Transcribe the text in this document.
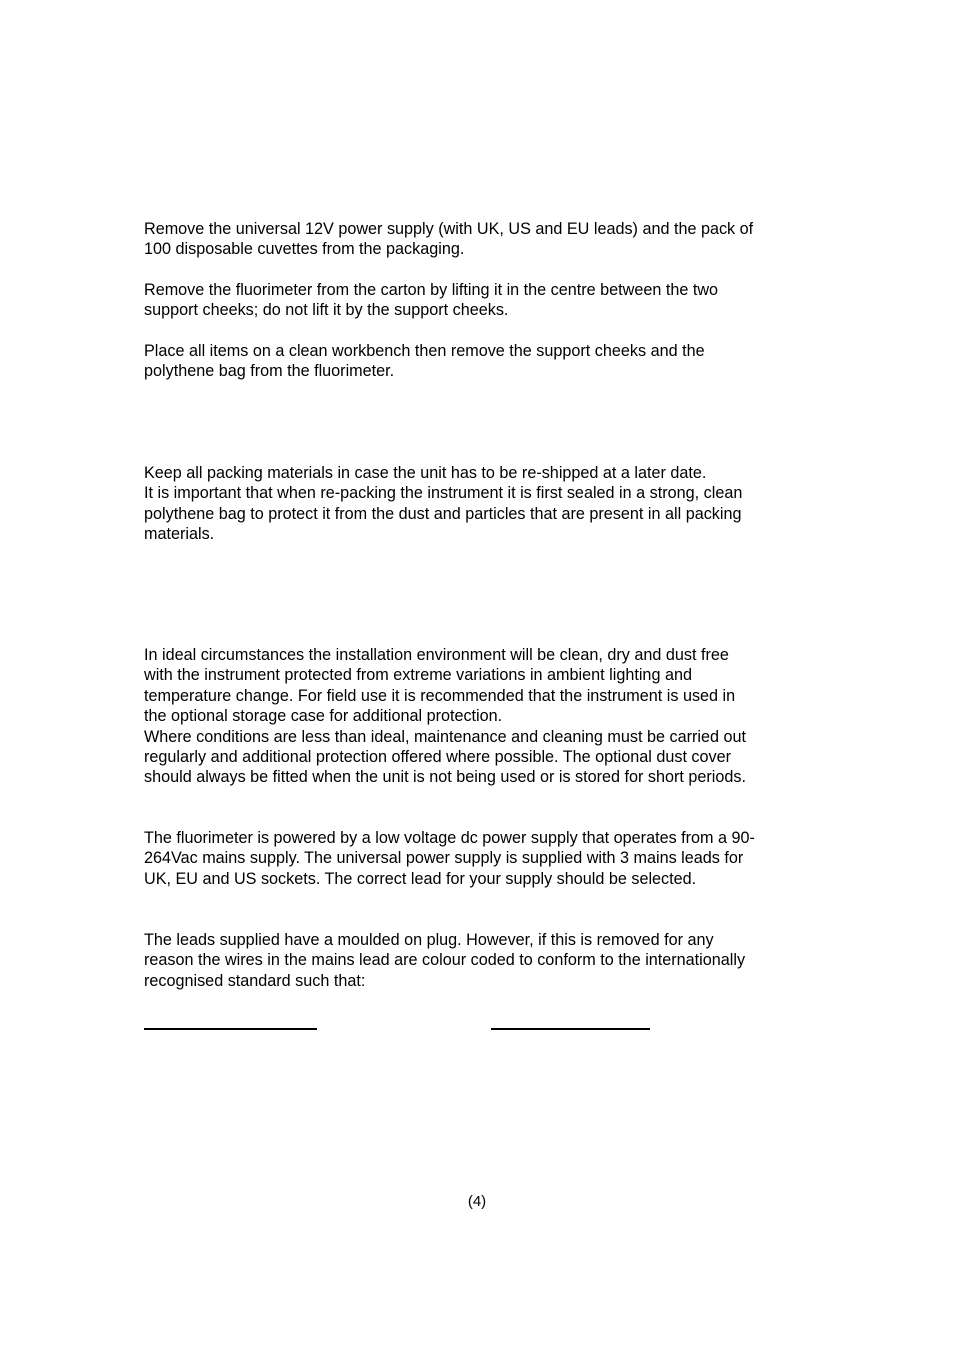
Remove the universal 12V power supply (with UK, US and EU leads) and the pack of
100 disposable cuvettes from the packaging.

Remove the fluorimeter from the carton by lifting it in the centre between the two
support cheeks; do not lift it by the support cheeks.

Place all items on a clean workbench then remove the support cheeks and the
polythene bag from the fluorimeter.

Keep all packing materials in case the unit has to be re-shipped at a later date.
It is important that when re-packing the instrument it is first sealed in a strong, clean
polythene bag to protect it from the dust and particles that are present in all packing
materials.

In ideal circumstances the installation environment will be clean, dry and dust free
with the instrument protected from extreme variations in ambient lighting and
temperature change. For field use it is recommended that the instrument is used in
the optional storage case for additional protection.
Where conditions are less than ideal, maintenance and cleaning must be carried out
regularly and additional protection offered where possible. The optional dust cover
should always be fitted when the unit is not being used or is stored for short periods.

The fluorimeter is powered by a low voltage dc power supply that operates from a 90-
264Vac mains supply. The universal power supply is supplied with 3 mains leads for
UK, EU and US sockets. The correct lead for your supply should be selected.

The leads supplied have a moulded on plug. However, if this is removed for any
reason the wires in the mains lead are colour coded to conform to the internationally
recognised standard such that:

(4)
